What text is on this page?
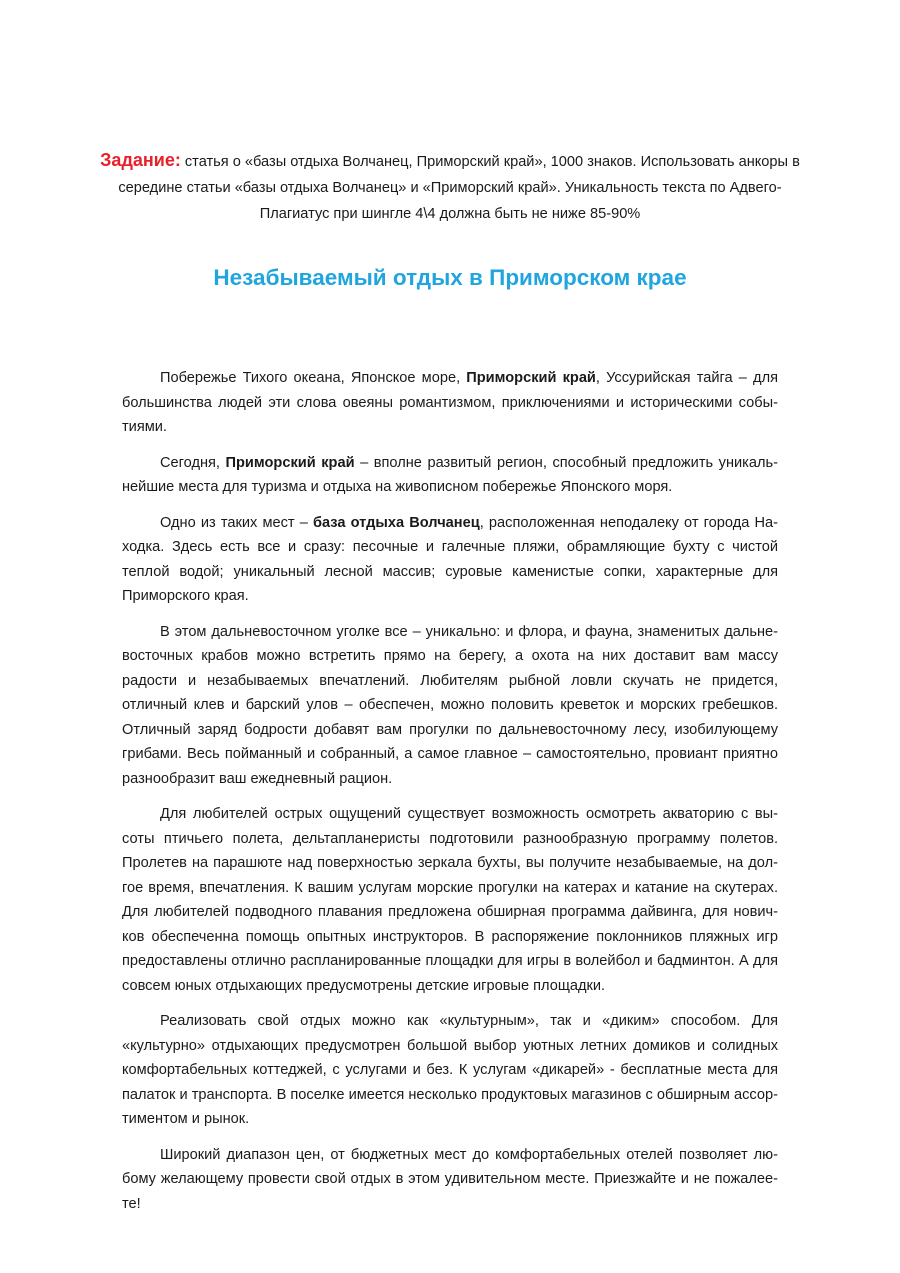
Задание: статья о «базы отдыха Волчанец, Приморский край», 1000 знаков. Использовать анкоры в середине статьи «базы отдыха Волчанец» и «Приморский край». Уникальность текста по Адвего-Плагиатус при шингле 4\4 должна быть не ниже 85-90%
Незабываемый отдых в Приморском крае

Побережье Тихого океана, Японское море, Приморский край, Уссурийская тайга – для большинства людей эти слова овеяны романтизмом, приключениями и историческими событиями.

Сегодня, Приморский край – вполне развитый регион, способный предложить уникальнейшие места для туризма и отдыха на живописном побережье Японского моря.

Одно из таких мест – база отдыха Волчанец, расположенная неподалеку от города Находка. Здесь есть все и сразу: песочные и галечные пляжи, обрамляющие бухту с чистой теплой водой; уникальный лесной массив; суровые каменистые сопки, характерные для Приморского края.

В этом дальневосточном уголке все – уникально: и флора, и фауна, знаменитых дальневосточных крабов можно встретить прямо на берегу, а охота на них доставит вам массу радости и незабываемых впечатлений. Любителям рыбной ловли скучать не придется, отличный клев и барский улов – обеспечен, можно половить креветок и морских гребешков. Отличный заряд бодрости добавят вам прогулки по дальневосточному лесу, изобилующему грибами. Весь пойманный и собранный, а самое главное – самостоятельно, провиант приятно разнообразит ваш ежедневный рацион.

Для любителей острых ощущений существует возможность осмотреть акваторию с высоты птичьего полета, дельтапланеристы подготовили разнообразную программу полетов. Пролетев на парашюте над поверхностью зеркала бухты, вы получите незабываемые, на долгое время, впечатления. К вашим услугам морские прогулки на катерах и катание на скутерах. Для любителей подводного плавания предложена обширная программа дайвинга, для новичков обеспеченна помощь опытных инструкторов. В распоряжение поклонников пляжных игр предоставлены отлично распланированные площадки для игры в волейбол и бадминтон. А для совсем юных отдыхающих предусмотрены детские игровые площадки.

Реализовать свой отдых можно как «культурным», так и «диким» способом. Для «культурно» отдыхающих предусмотрен большой выбор уютных летних домиков и солидных комфортабельных коттеджей, с услугами и без. К услугам «дикарей» - бесплатные места для палаток и транспорта. В поселке имеется несколько продуктовых магазинов с обширным ассортиментом и рынок.

Широкий диапазон цен, от бюджетных мест до комфортабельных отелей позволяет любому желающему провести свой отдых в этом удивительном месте. Приезжайте и не пожалеете!
